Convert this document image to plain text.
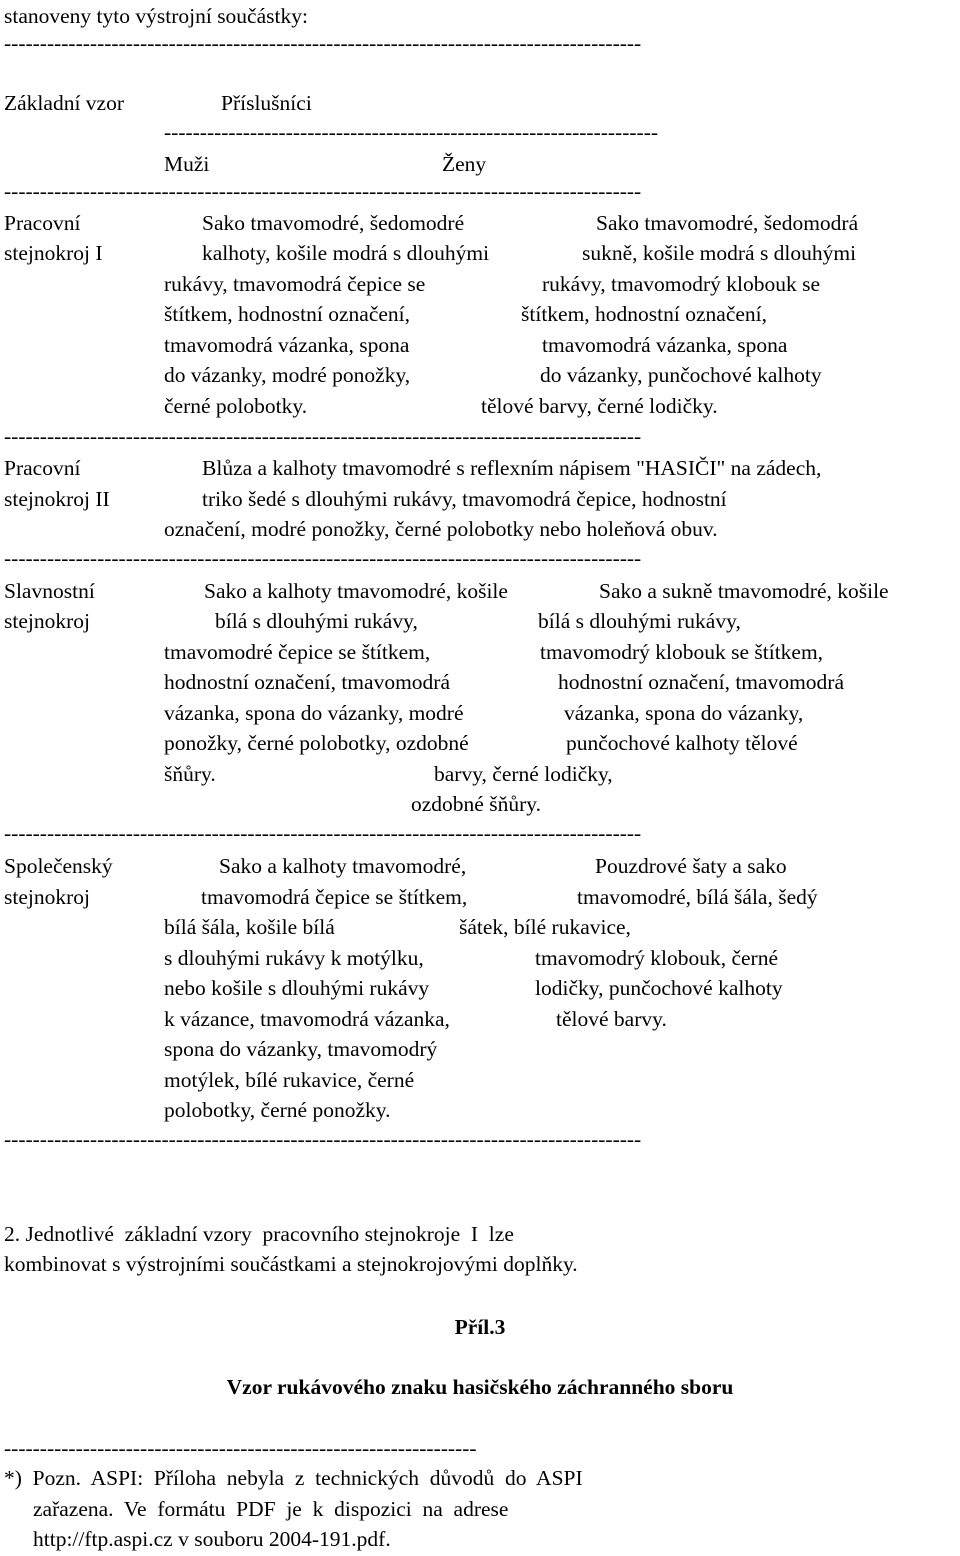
stanoveny tyto výstrojní součástky:
-----------------------------------------------------------------------------------------
Základní vzor	Příslušníci
---------------------------------------------------------------------
Muži	Ženy
-----------------------------------------------------------------------------------------
Pracovní
stejnokroj I
Sako tmavomodré, šedomodré
kalhoty, košile modrá s dlouhými
rukávy, tmavomodrá čepice se
štítkem, hodnostní označení,
tmavomodrá vázanka, spona
do vázanky, modré ponožky,
černé polobotky.
Sako tmavomodré, šedomodrá
sukně, košile modrá s dlouhými
rukávy, tmavomodrý klobouk se
štítkem, hodnostní označení,
tmavomodrá vázanka, spona
do vázanky, punčochové kalhoty
tělové barvy, černé lodičky.
-----------------------------------------------------------------------------------------
Pracovní
stejnokroj II
Blůza a kalhoty tmavomodré s reflexním nápisem "HASIČI" na zádech,
triko šedé s dlouhými rukávy, tmavomodrá čepice, hodnostní
označení, modré ponožky, černé polobotky nebo holeňová obuv.
-----------------------------------------------------------------------------------------
Slavnostní
stejnokroj
Sako a kalhoty tmavomodré, košile
bílá s dlouhými rukávy,
tmavomodré čepice se štítkem,
hodnostní označení, tmavomodrá
vázanka, spona do vázanky, modré
ponožky, černé polobotky, ozdobné
šňůry.
Sako a sukně tmavomodré, košile
bílá s dlouhými rukávy,
tmavomodrý klobouk se štítkem,
hodnostní označení, tmavomodrá
vázanka, spona do vázanky,
punčochové kalhoty tělové
barvy, černé lodičky,
ozdobné šňůry.
-----------------------------------------------------------------------------------------
Společenský
stejnokroj
Sako a kalhoty tmavomodré,
tmavomodrá čepice se štítkem,
bílá šála, košile bílá
s dlouhými rukávy k motýlku,
nebo košile s dlouhými rukávy
k vázance, tmavomodrá vázanka,
spona do vázanky, tmavomodrý
motýlek, bílé rukavice, černé
polobotky, černé ponožky.
Pouzdrové šaty a sako
tmavomodré, bílá šála, šedý
šátek, bílé rukavice,
tmavomodrý klobouk, černé
lodičky, punčochové kalhoty
tělové barvy.
-----------------------------------------------------------------------------------------
2. Jednotlivé  základní vzory  pracovního stejnokroje  I  lze
kombinovat s výstrojními součástkami a stejnokrojovými doplňky.
Příl.3
Vzor rukávového znaku hasičského záchranného sboru
------------------------------------------------------------------
*)  Pozn.  ASPI:  Příloha  nebyla  z  technických  důvodů  do  ASPI
zařazena.  Ve  formátu  PDF  je  k  dispozici  na  adrese
http://ftp.aspi.cz v souboru 2004-191.pdf.
